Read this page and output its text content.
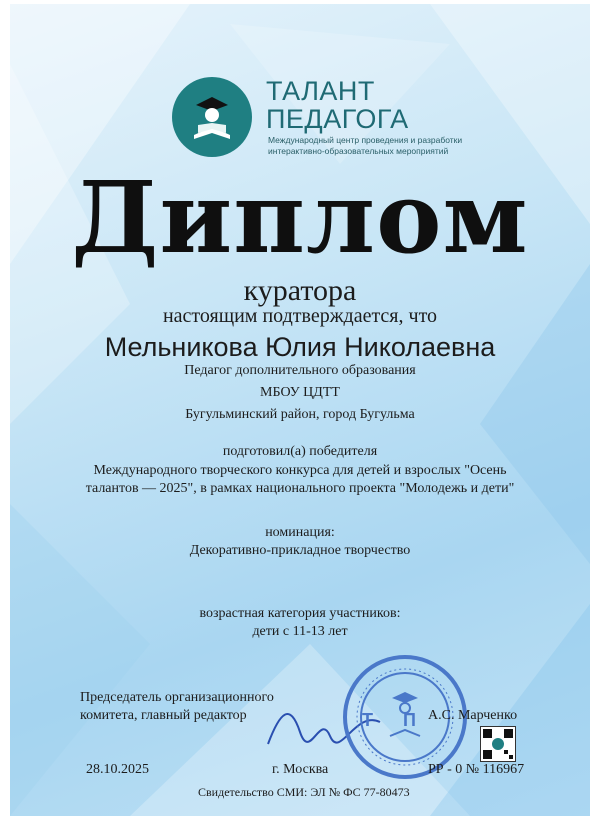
ТАЛАНТ
ПЕДАГОГА
Международный центр проведения и разработки интерактивно-образовательных мероприятий
Диплом
куратора
настоящим подтверждается, что
Мельникова Юлия Николаевна
Педагог дополнительного образования
МБОУ ЦДТТ
Бугульминский район, город Бугульма
подготовил(а) победителя
Международного творческого конкурса для детей и взрослых "Осень
талантов — 2025", в рамках национального проекта "Молодежь и дети"
номинация:
Декоративно-прикладное творчество
возрастная категория участников:
дети с 11-13 лет
Председатель организационного
комитета, главный редактор	Т      П А.С. Марченко
28.10.2025	г. Москва	РР - 0 № 116967
Свидетельство СМИ: ЭЛ № ФС 77-80473
